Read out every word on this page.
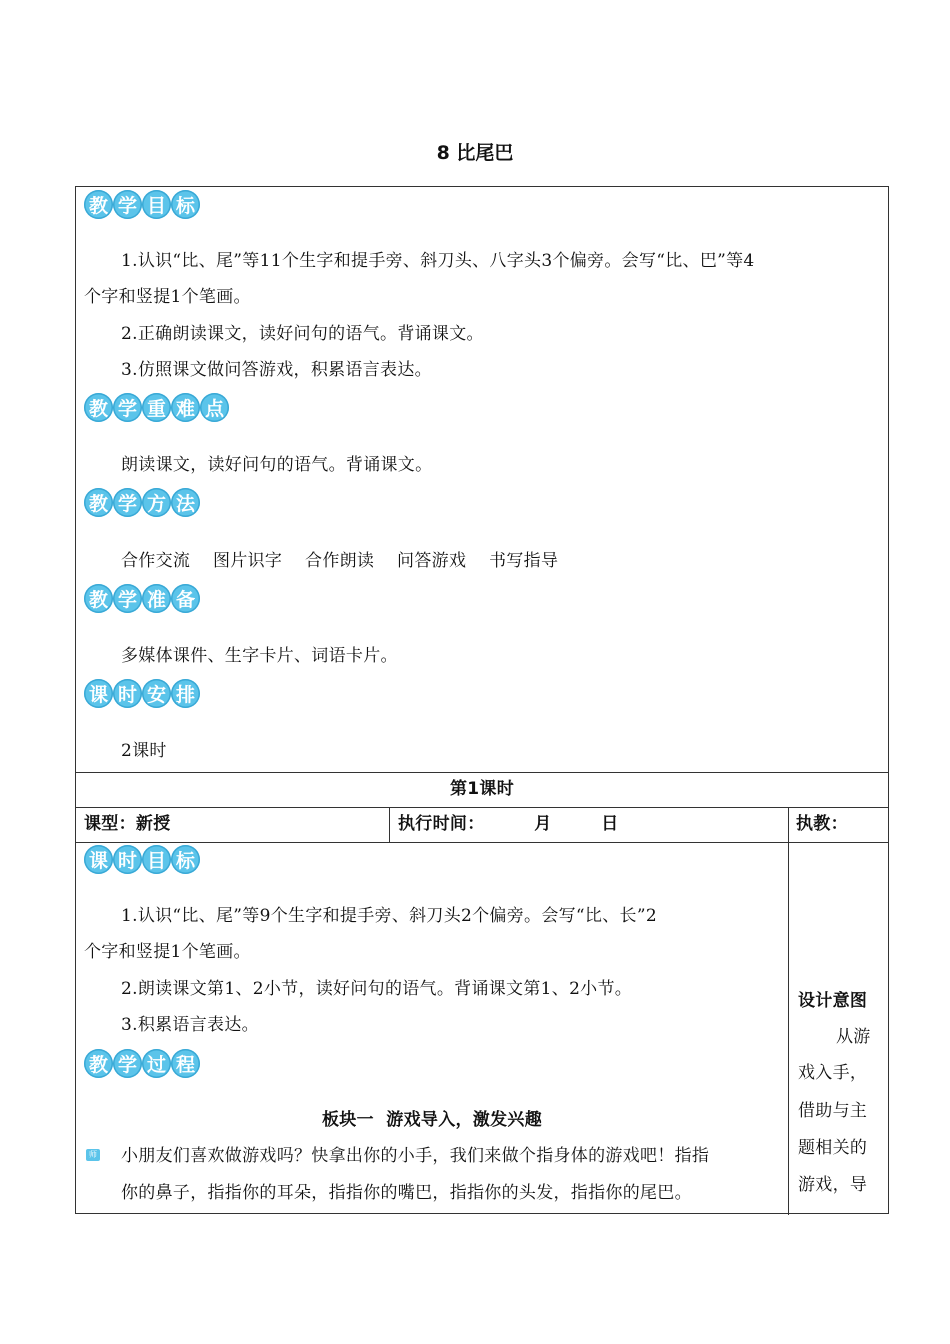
8 比尾巴
教 学 目 标
1.认识“比、尾”等11个生字和提手旁、斜刀头、八字头3个偏旁。会写“比、巴”等4
个字和竖提1个笔画。
2.正确朗读课文，读好问句的语气。背诵课文。
3.仿照课文做问答游戏，积累语言表达。
教 学 重 难 点
朗读课文，读好问句的语气。背诵课文。
教 学 方 法
合作交流    图片识字    合作朗读    问答游戏    书写指导
教 学 准 备
多媒体课件、生字卡片、词语卡片。
课 时 安 排
2课时
第1课时
课型：新授	执行时间：        月        日	执教：
课 时 目 标
1.认识“比、尾”等9个生字和提手旁、斜刀头2个偏旁。会写“比、长”2
个字和竖提1个笔画。
2.朗读课文第1、2小节，读好问句的语气。背诵课文第1、2小节。
3.积累语言表达。
教 学 过 程
板块一  游戏导入，激发兴趣
师 小朋友们喜欢做游戏吗？快拿出你的小手，我们来做个指身体的游戏吧！指指
你的鼻子，指指你的耳朵，指指你的嘴巴，指指你的头发，指指你的尾巴。
设计意图
从游
戏入手，
借助与主
题相关的
游戏，导
